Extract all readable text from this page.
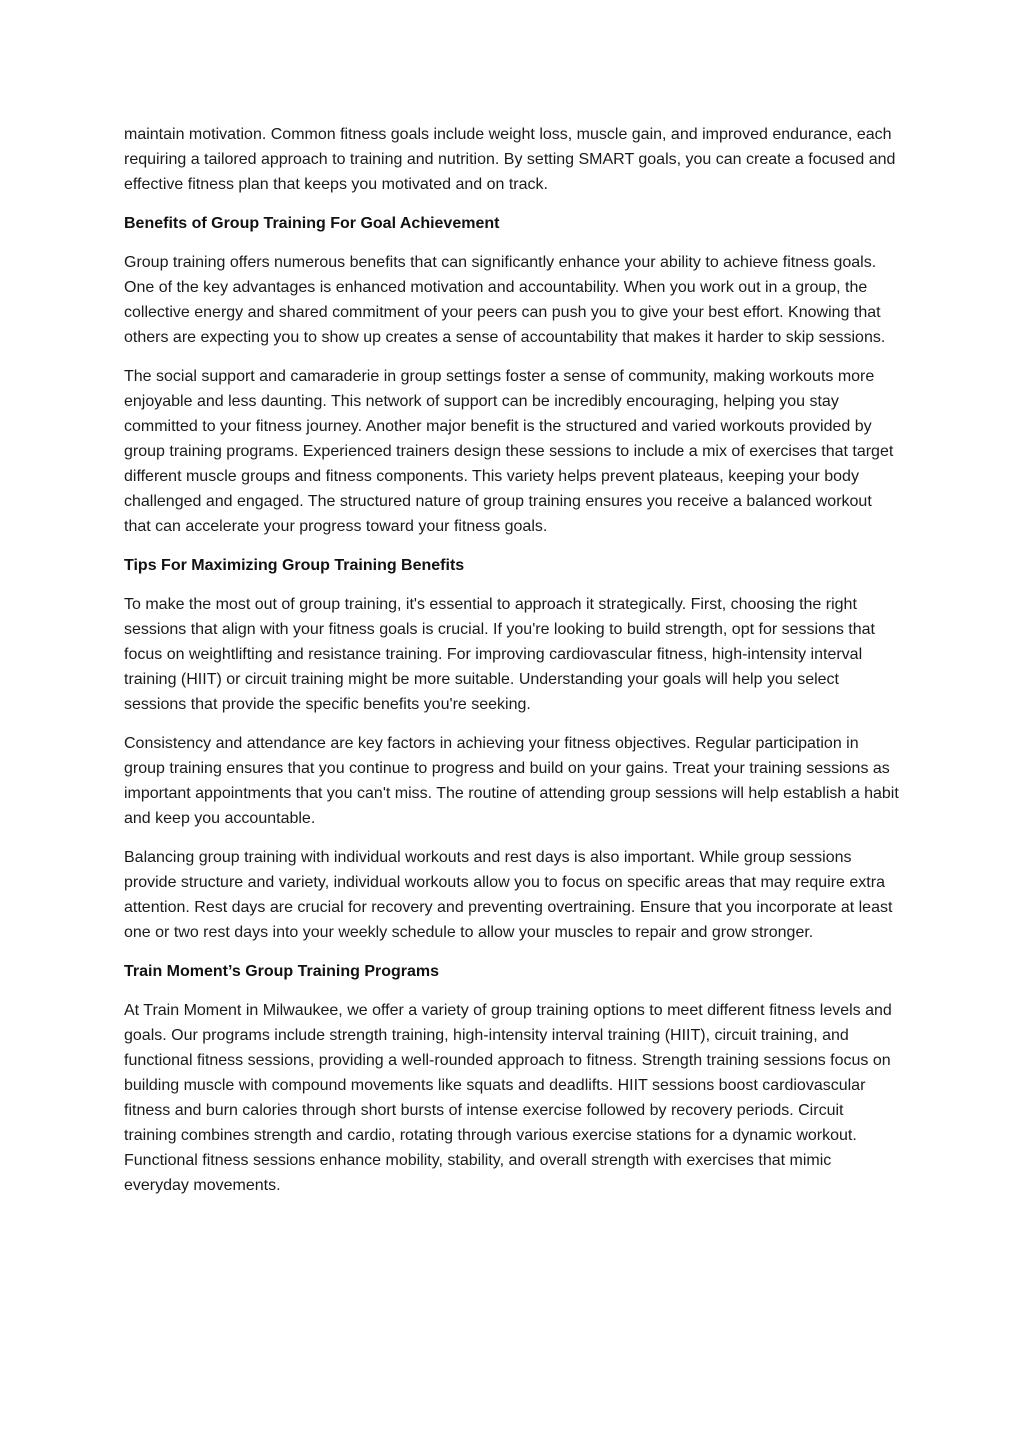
maintain motivation. Common fitness goals include weight loss, muscle gain, and improved endurance, each requiring a tailored approach to training and nutrition. By setting SMART goals, you can create a focused and effective fitness plan that keeps you motivated and on track.

Benefits of Group Training For Goal Achievement

Group training offers numerous benefits that can significantly enhance your ability to achieve fitness goals. One of the key advantages is enhanced motivation and accountability. When you work out in a group, the collective energy and shared commitment of your peers can push you to give your best effort. Knowing that others are expecting you to show up creates a sense of accountability that makes it harder to skip sessions.

The social support and camaraderie in group settings foster a sense of community, making workouts more enjoyable and less daunting. This network of support can be incredibly encouraging, helping you stay committed to your fitness journey. Another major benefit is the structured and varied workouts provided by group training programs. Experienced trainers design these sessions to include a mix of exercises that target different muscle groups and fitness components. This variety helps prevent plateaus, keeping your body challenged and engaged. The structured nature of group training ensures you receive a balanced workout that can accelerate your progress toward your fitness goals.

Tips For Maximizing Group Training Benefits

To make the most out of group training, it's essential to approach it strategically. First, choosing the right sessions that align with your fitness goals is crucial. If you're looking to build strength, opt for sessions that focus on weightlifting and resistance training. For improving cardiovascular fitness, high-intensity interval training (HIIT) or circuit training might be more suitable. Understanding your goals will help you select sessions that provide the specific benefits you're seeking.

Consistency and attendance are key factors in achieving your fitness objectives. Regular participation in group training ensures that you continue to progress and build on your gains. Treat your training sessions as important appointments that you can't miss. The routine of attending group sessions will help establish a habit and keep you accountable.

Balancing group training with individual workouts and rest days is also important. While group sessions provide structure and variety, individual workouts allow you to focus on specific areas that may require extra attention. Rest days are crucial for recovery and preventing overtraining. Ensure that you incorporate at least one or two rest days into your weekly schedule to allow your muscles to repair and grow stronger.

Train Moment’s Group Training Programs

At Train Moment in Milwaukee, we offer a variety of group training options to meet different fitness levels and goals. Our programs include strength training, high-intensity interval training (HIIT), circuit training, and functional fitness sessions, providing a well-rounded approach to fitness. Strength training sessions focus on building muscle with compound movements like squats and deadlifts. HIIT sessions boost cardiovascular fitness and burn calories through short bursts of intense exercise followed by recovery periods. Circuit training combines strength and cardio, rotating through various exercise stations for a dynamic workout. Functional fitness sessions enhance mobility, stability, and overall strength with exercises that mimic everyday movements.
